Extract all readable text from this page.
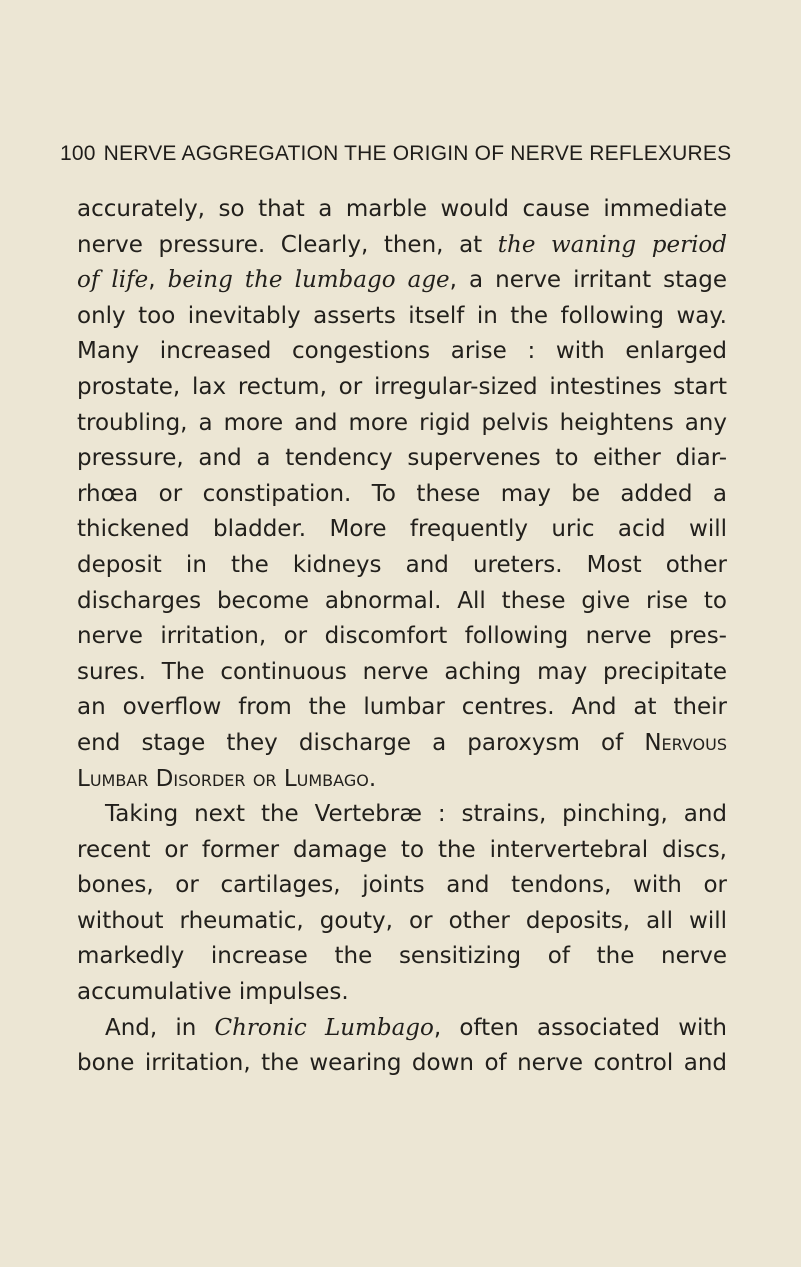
100 NERVE AGGREGATION THE ORIGIN OF NERVE REFLEXURES
accurately, so that a marble would cause immediate
nerve pressure. Clearly, then, at the waning period
of life, being the lumbago age, a nerve irritant stage
only too inevitably asserts itself in the following way.
Many increased congestions arise : with enlarged
prostate, lax rectum, or irregular-sized intestines start
troubling, a more and more rigid pelvis heightens any
pressure, and a tendency supervenes to either diar-
rhœa or constipation. To these may be added a
thickened bladder. More frequently uric acid will
deposit in the kidneys and ureters. Most other
discharges become abnormal. All these give rise to
nerve irritation, or discomfort following nerve pres-
sures. The continuous nerve aching may precipitate
an overflow from the lumbar centres. And at their
end stage they discharge a paroxysm of Nervous
Lumbar Disorder or Lumbago.
Taking next the Vertebræ : strains, pinching, and
recent or former damage to the intervertebral discs,
bones, or cartilages, joints and tendons, with or
without rheumatic, gouty, or other deposits, all will
markedly increase the sensitizing of the nerve
accumulative impulses.
And, in Chronic Lumbago, often associated with
bone irritation, the wearing down of nerve control and
